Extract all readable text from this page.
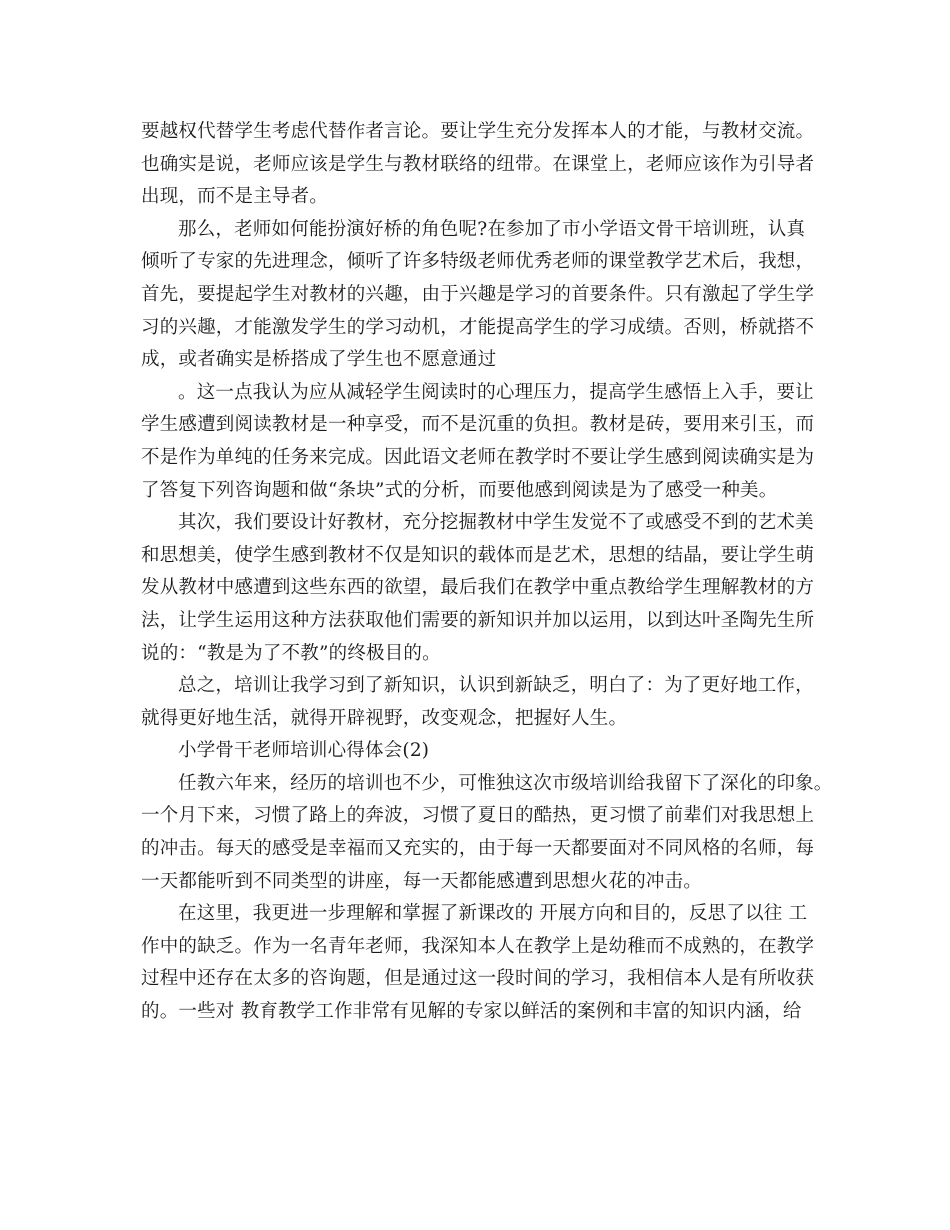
要越权代替学生考虑代替作者言论。要让学生充分发挥本人的才能，与教材交流。
也确实是说，老师应该是学生与教材联络的纽带。在课堂上，老师应该作为引导者
出现，而不是主导者。
那么，老师如何能扮演好桥的角色呢?在参加了市小学语文骨干培训班，认真
倾听了专家的先进理念，倾听了许多特级老师优秀老师的课堂教学艺术后，我想，
首先，要提起学生对教材的兴趣，由于兴趣是学习的首要条件。只有激起了学生学
习的兴趣，才能激发学生的学习动机，才能提高学生的学习成绩。否则，桥就搭不
成，或者确实是桥搭成了学生也不愿意通过
。这一点我认为应从减轻学生阅读时的心理压力，提高学生感悟上入手，要让
学生感遭到阅读教材是一种享受，而不是沉重的负担。教材是砖，要用来引玉，而
不是作为单纯的任务来完成。因此语文老师在教学时不要让学生感到阅读确实是为
了答复下列咨询题和做“条块”式的分析，而要他感到阅读是为了感受一种美。
其次，我们要设计好教材，充分挖掘教材中学生发觉不了或感受不到的艺术美
和思想美，使学生感到教材不仅是知识的载体而是艺术，思想的结晶，要让学生萌
发从教材中感遭到这些东西的欲望，最后我们在教学中重点教给学生理解教材的方
法，让学生运用这种方法获取他们需要的新知识并加以运用，以到达叶圣陶先生所
说的：“教是为了不教”的终极目的。
总之，培训让我学习到了新知识，认识到新缺乏，明白了：为了更好地工作，
就得更好地生活，就得开辟视野，改变观念，把握好人生。
小学骨干老师培训心得体会(2)
任教六年来，经历的培训也不少，可惟独这次市级培训给我留下了深化的印象。
一个月下来，习惯了路上的奔波，习惯了夏日的酷热，更习惯了前辈们对我思想上
的冲击。每天的感受是幸福而又充实的，由于每一天都要面对不同风格的名师，每
一天都能听到不同类型的讲座，每一天都能感遭到思想火花的冲击。
在这里，我更进一步理解和掌握了新课改的 开展方向和目的，反思了以往 工
作中的缺乏。作为一名青年老师，我深知本人在教学上是幼稚而不成熟的，在教学
过程中还存在太多的咨询题，但是通过这一段时间的学习，我相信本人是有所收获
的。一些对 教育教学工作非常有见解的专家以鲜活的案例和丰富的知识内涵，给
